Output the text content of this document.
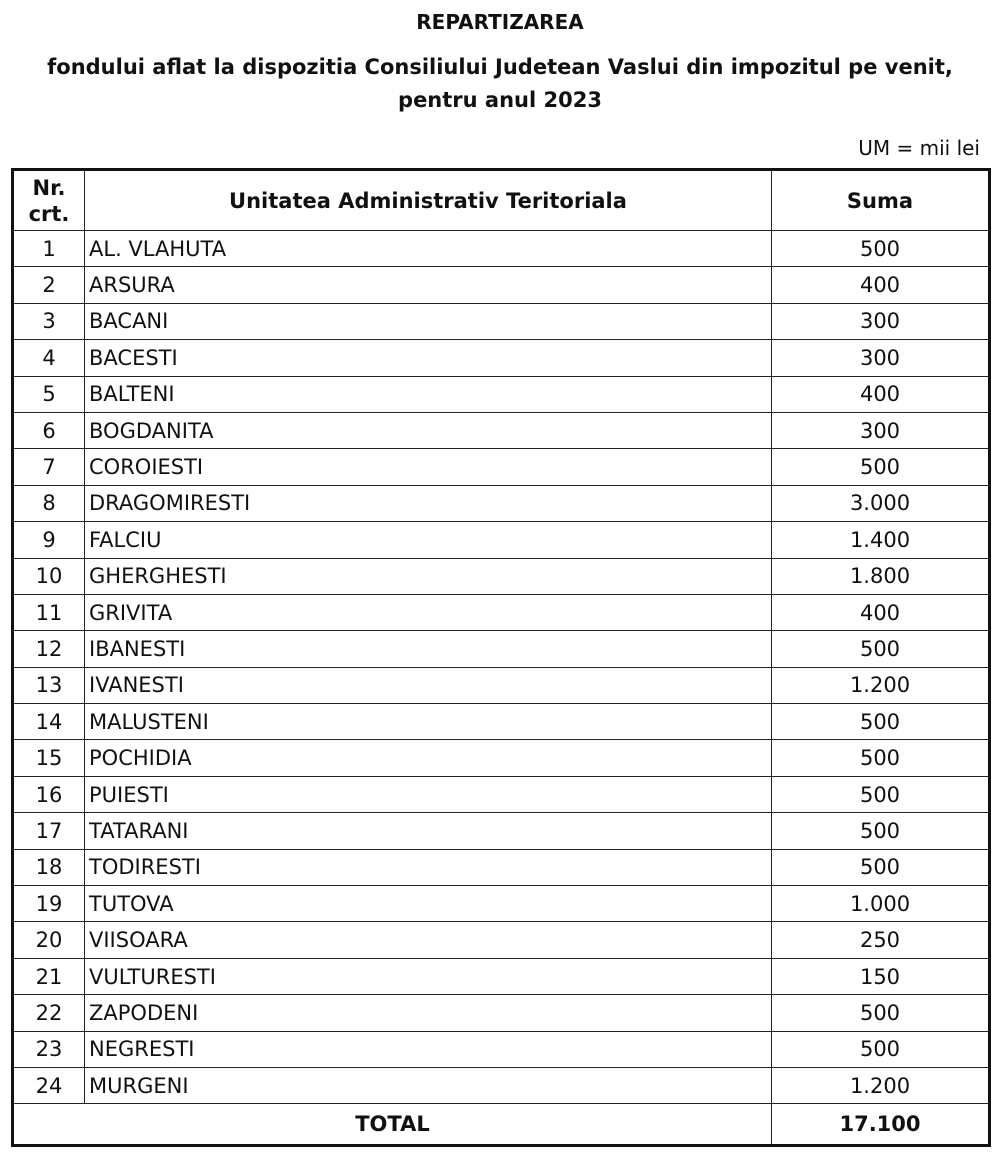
REPARTIZAREA
fondului aflat la dispozitia Consiliului Judetean Vaslui din impozitul pe venit,
pentru anul 2023
UM = mii lei
Nr.
crt.	Unitatea Administrativ Teritoriala	Suma
1	AL. VLAHUTA	500
2	ARSURA	400
3	BACANI	300
4	BACESTI	300
5	BALTENI	400
6	BOGDANITA	300
7	COROIESTI	500
8	DRAGOMIRESTI	3.000
9	FALCIU	1.400
10	GHERGHESTI	1.800
11	GRIVITA	400
12	IBANESTI	500
13	IVANESTI	1.200
14	MALUSTENI	500
15	POCHIDIA	500
16	PUIESTI	500
17	TATARANI	500
18	TODIRESTI	500
19	TUTOVA	1.000
20	VIISOARA	250
21	VULTURESTI	150
22	ZAPODENI	500
23	NEGRESTI	500
24	MURGENI	1.200
TOTAL		17.100
